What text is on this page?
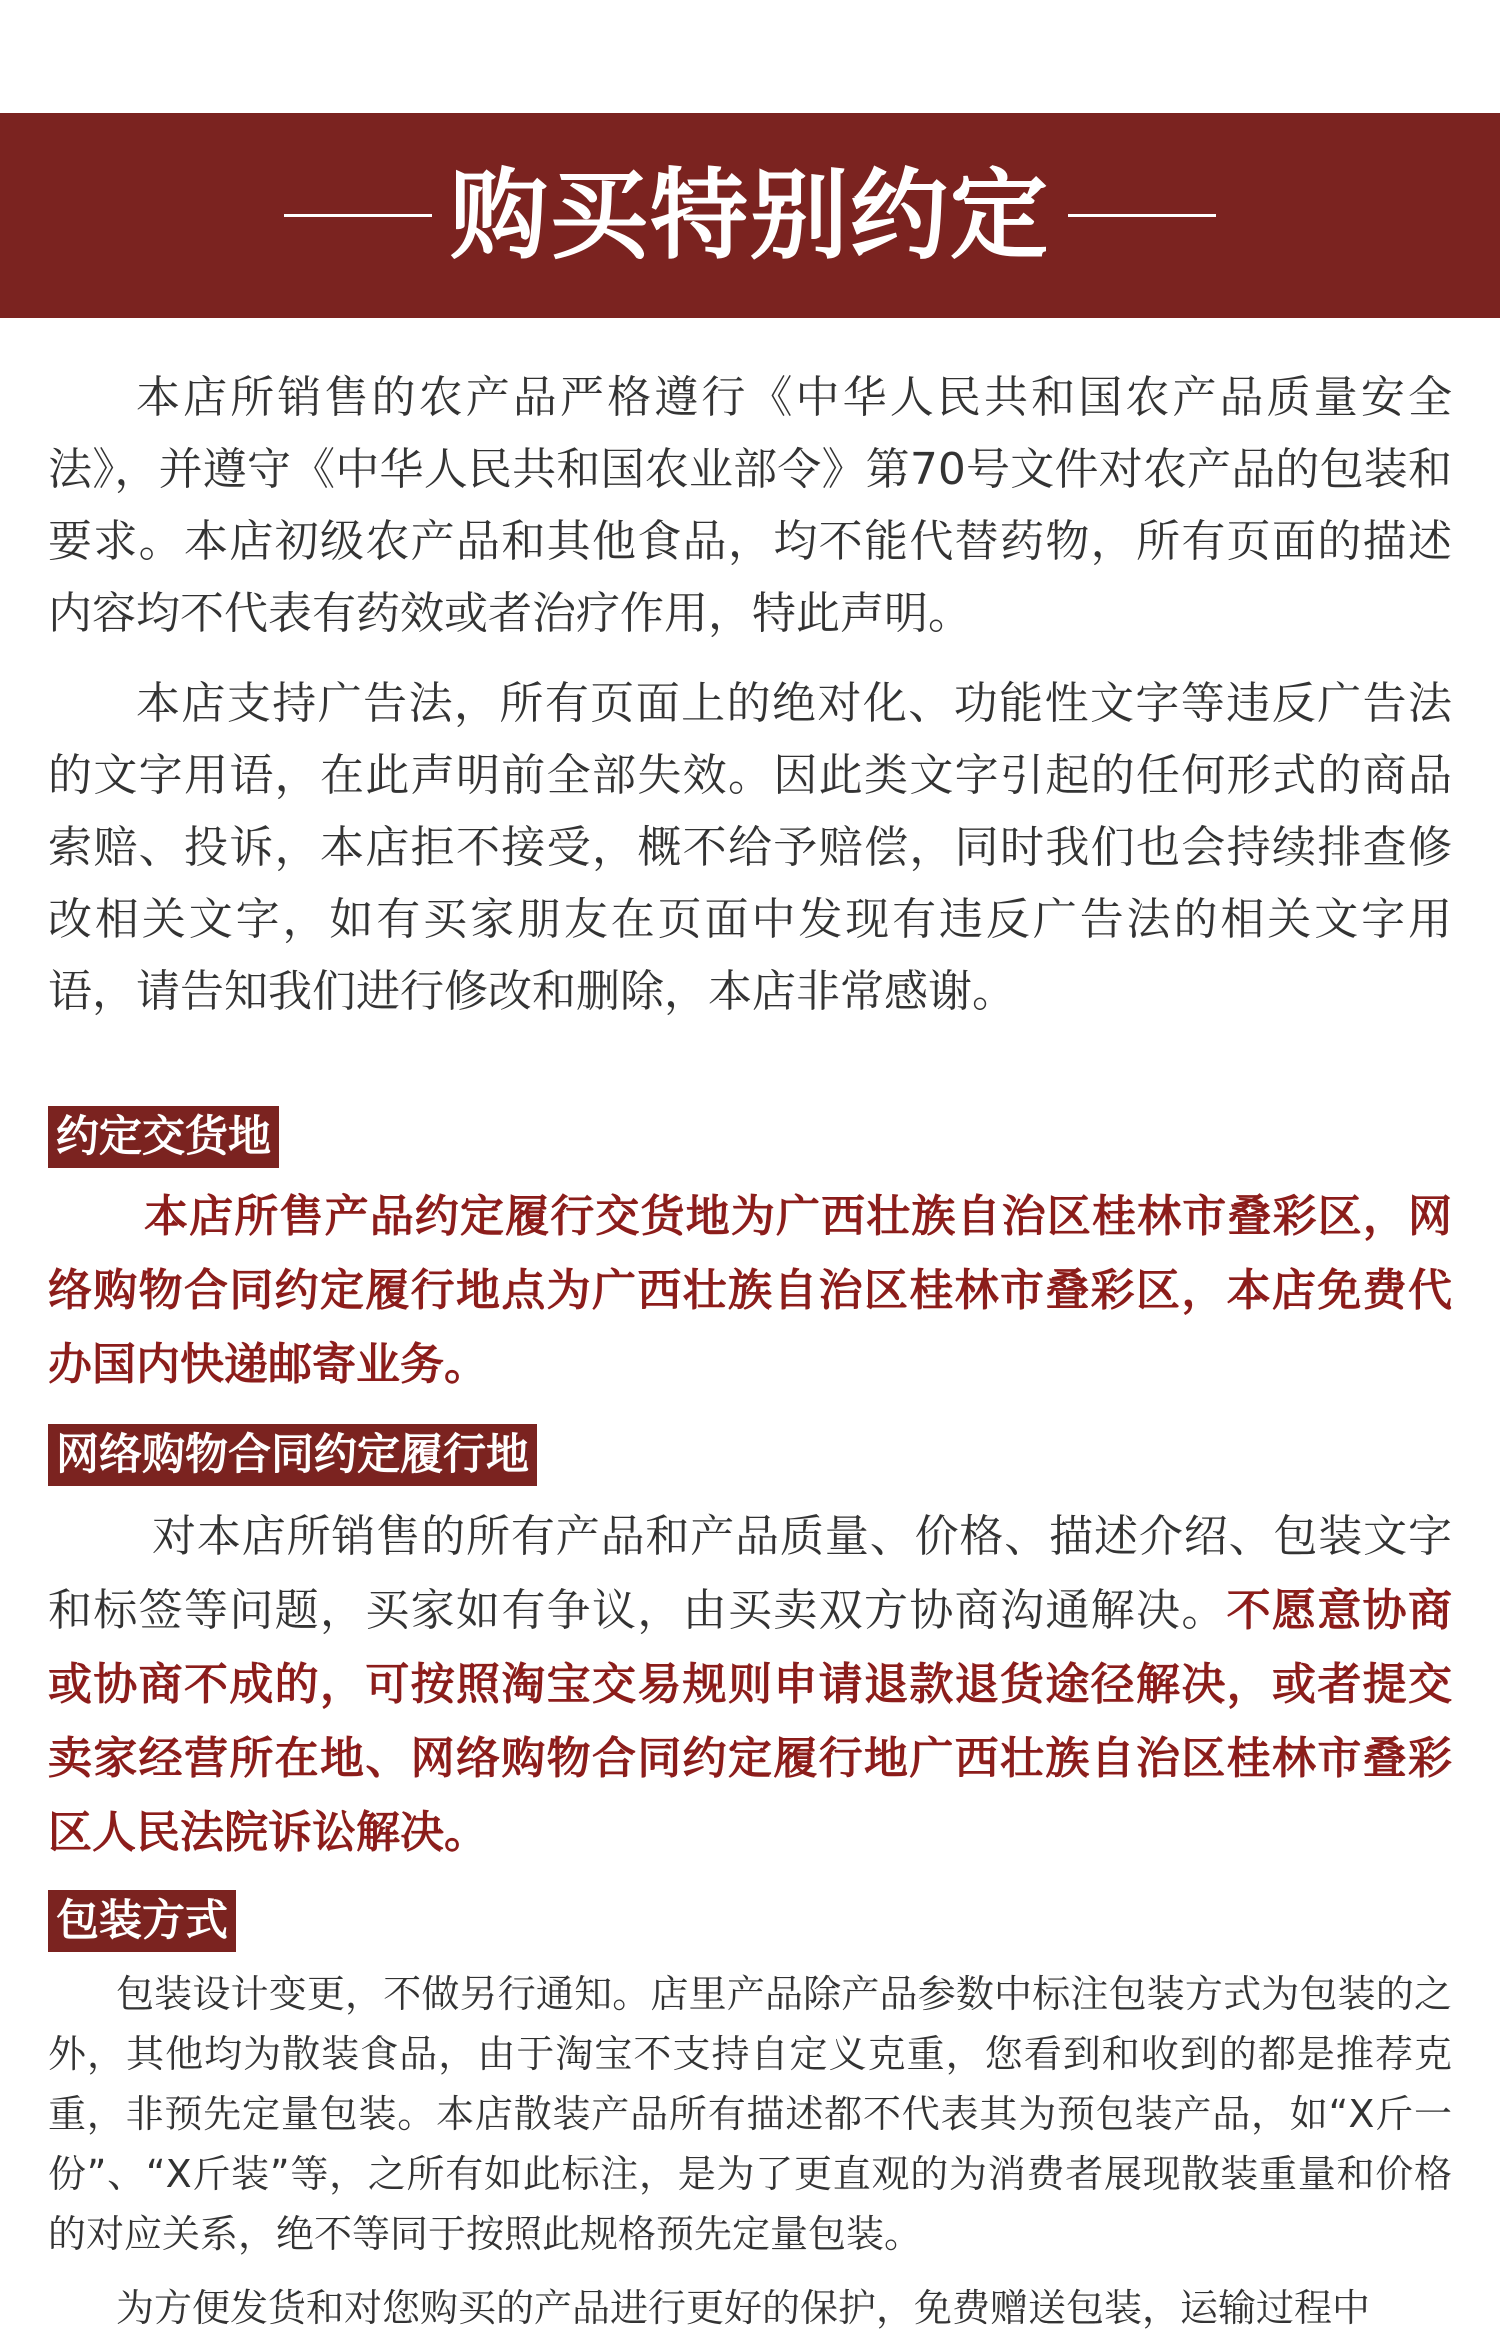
购买特别约定

本店所销售的农产品严格遵行《中华人民共和国农产品质量安全法》，并遵守《中华人民共和国农业部令》第70号文件对农产品的包装和要求。本店初级农产品和其他食品，均不能代替药物，所有页面的描述内容均不代表有药效或者治疗作用，特此声明。

本店支持广告法，所有页面上的绝对化、功能性文字等违反广告法的文字用语，在此声明前全部失效。因此类文字引起的任何形式的商品索赔、投诉，本店拒不接受，概不给予赔偿，同时我们也会持续排查修改相关文字，如有买家朋友在页面中发现有违反广告法的相关文字用语，请告知我们进行修改和删除，本店非常感谢。

约定交货地

本店所售产品约定履行交货地为广西壮族自治区桂林市叠彩区，网络购物合同约定履行地点为广西壮族自治区桂林市叠彩区，本店免费代办国内快递邮寄业务。

网络购物合同约定履行地

对本店所销售的所有产品和产品质量、价格、描述介绍、包装文字和标签等问题，买家如有争议，由买卖双方协商沟通解决。不愿意协商或协商不成的，可按照淘宝交易规则申请退款退货途径解决，或者提交卖家经营所在地、网络购物合同约定履行地广西壮族自治区桂林市叠彩区人民法院诉讼解决。

包装方式

包装设计变更，不做另行通知。店里产品除产品参数中标注包装方式为包装的之外，其他均为散装食品，由于淘宝不支持自定义克重，您看到和收到的都是推荐克重，非预先定量包装。本店散装产品所有描述都不代表其为预包装产品，如“X斤一份”、“X斤装”等，之所有如此标注，是为了更直观的为消费者展现散装重量和价格的对应关系，绝不等同于按照此规格预先定量包装。

为方便发货和对您购买的产品进行更好的保护，免费赠送包装，运输过程中
